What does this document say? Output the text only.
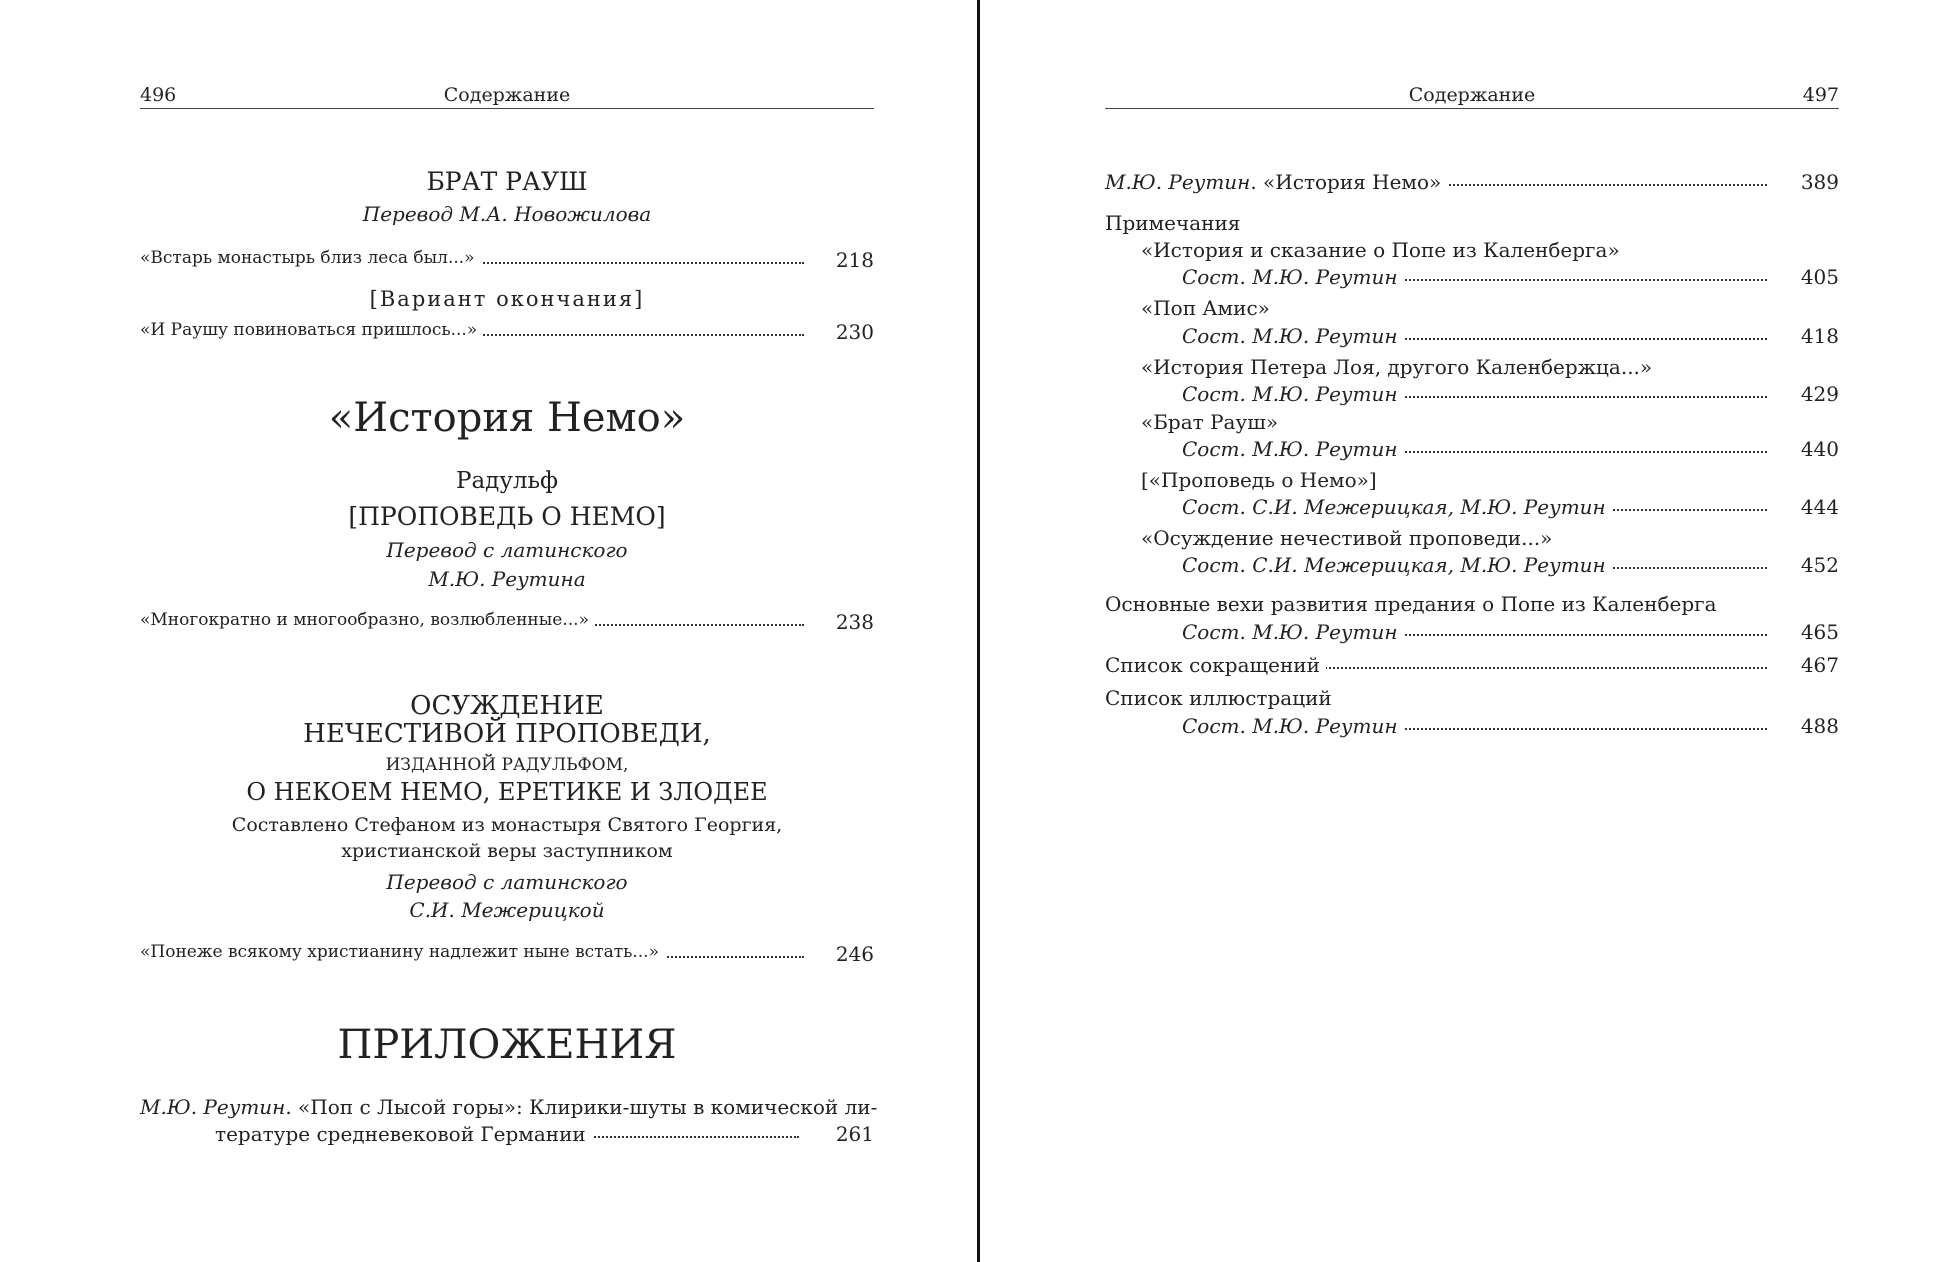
496	Содержание
БРАТ РАУШ
Перевод М.А. Новожилова
«Встарь монастырь близ леса был...»	218
[Вариант окончания]
«И Раушу повиноваться пришлось...»	230
«История Немо»
Радульф
[ПРОПОВЕДЬ О НЕМО]
Перевод с латинского
М.Ю. Реутина
«Многократно и многообразно, возлюбленные...»	238
ОСУЖДЕНИЕ
НЕЧЕСТИВОЙ ПРОПОВЕДИ,
ИЗДАННОЙ РАДУЛЬФОМ,
О НЕКОЕМ НЕМО, ЕРЕТИКЕ И ЗЛОДЕЕ
Составлено Стефаном из монастыря Святого Георгия,
христианской веры заступником
Перевод с латинского
С.И. Межерицкой
«Понеже всякому христианину надлежит ныне встать...»	246
ПРИЛОЖЕНИЯ
М.Ю. Реутин. «Поп с Лысой горы»: Клирики-шуты в комической ли-
тературе средневековой Германии	261
Содержание	497
М.Ю. Реутин. «История Немо»	389
Примечания
«История и сказание о Попе из Каленберга»
Сост. М.Ю. Реутин	405
«Поп Амис»
Сост. М.Ю. Реутин	418
«История Петера Лоя, другого Каленбержца...»
Сост. М.Ю. Реутин	429
«Брат Рауш»
Сост. М.Ю. Реутин	440
[«Проповедь о Немо»]
Сост. С.И. Межерицкая, М.Ю. Реутин	444
«Осуждение нечестивой проповеди...»
Сост. С.И. Межерицкая, М.Ю. Реутин	452
Основные вехи развития предания о Попе из Каленберга
Сост. М.Ю. Реутин	465
Список сокращений	467
Список иллюстраций
Сост. М.Ю. Реутин	488
